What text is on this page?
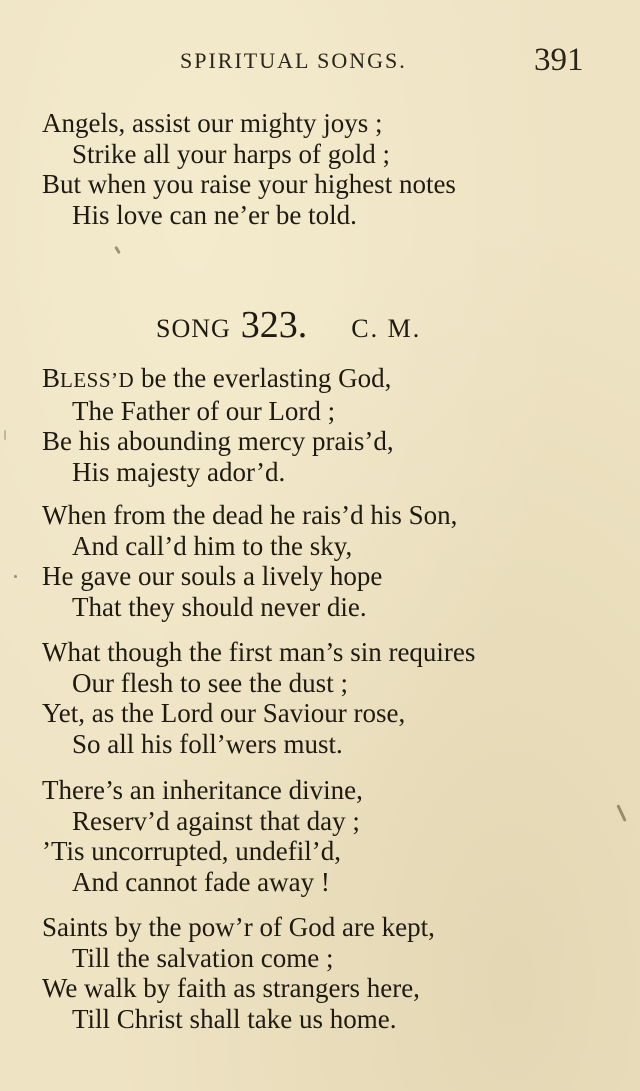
SPIRITUAL SONGS.	391
Angels, assist our mighty joys ;
Strike all your harps of gold ;
But when you raise your highest notes
His love can ne’er be told.
SONG 323. C. M.
BLESS’D be the everlasting God,
The Father of our Lord ;
Be his abounding mercy prais’d,
His majesty ador’d.
When from the dead he rais’d his Son,
And call’d him to the sky,
He gave our souls a lively hope
That they should never die.
What though the first man’s sin requires
Our flesh to see the dust ;
Yet, as the Lord our Saviour rose,
So all his foll’wers must.
There’s an inheritance divine,
Reserv’d against that day ;
’Tis uncorrupted, undefil’d,
And cannot fade away !
Saints by the pow’r of God are kept,
Till the salvation come ;
We walk by faith as strangers here,
Till Christ shall take us home.
